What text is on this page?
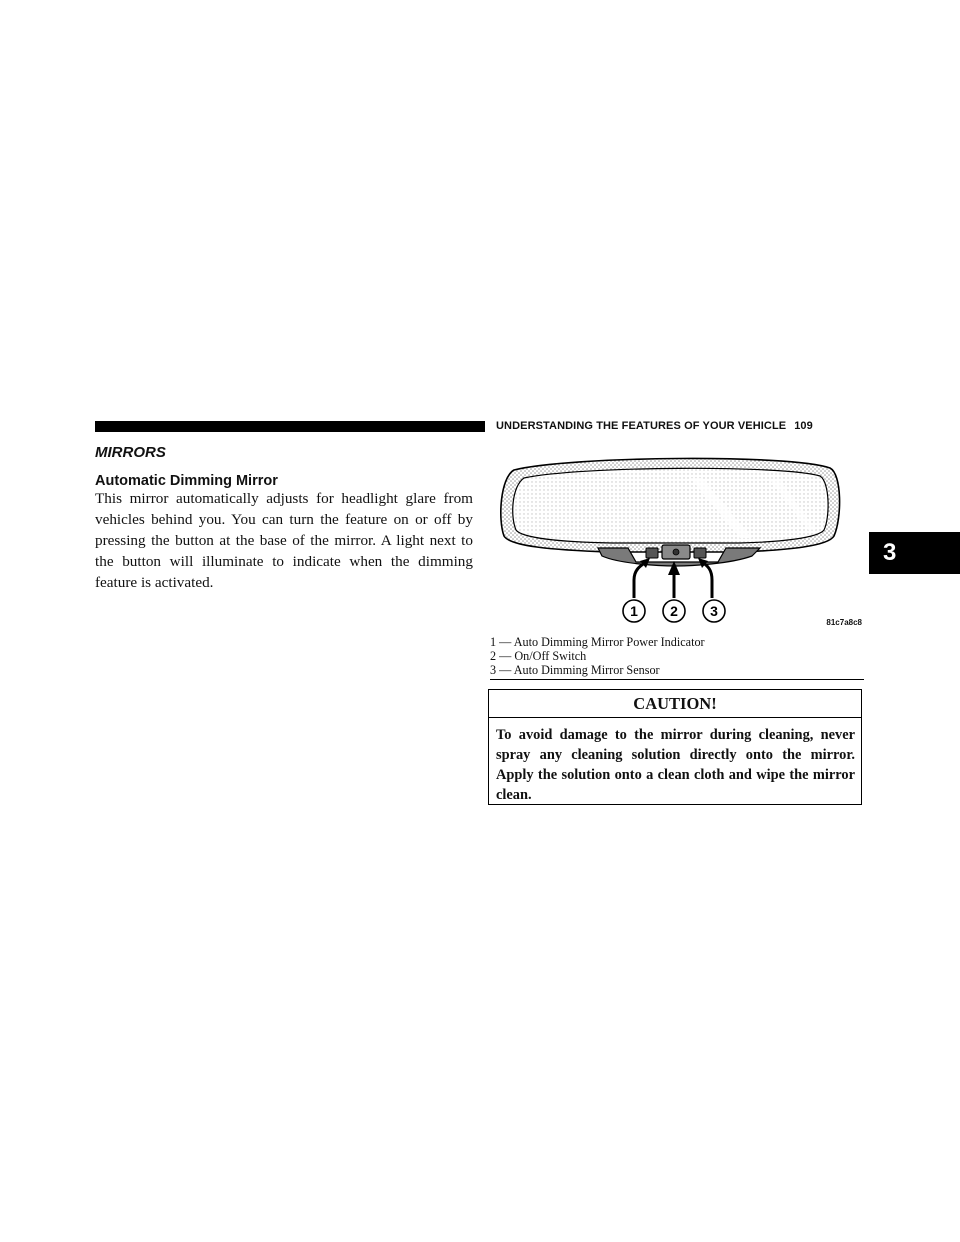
UNDERSTANDING THE FEATURES OF YOUR VEHICLE 109
MIRRORS
Automatic Dimming Mirror

This mirror automatically adjusts for headlight glare from vehicles behind you. You can turn the feature on or off by pressing the button at the base of the mirror. A light next to the button will illuminate to indicate when the dimming feature is activated.

1 2 3
81c7a8c8
1 — Auto Dimming Mirror Power Indicator
2 — On/Off Switch
3 — Auto Dimming Mirror Sensor
CAUTION!

To avoid damage to the mirror during cleaning, never spray any cleaning solution directly onto the mirror. Apply the solution onto a clean cloth and wipe the mirror clean.

3
